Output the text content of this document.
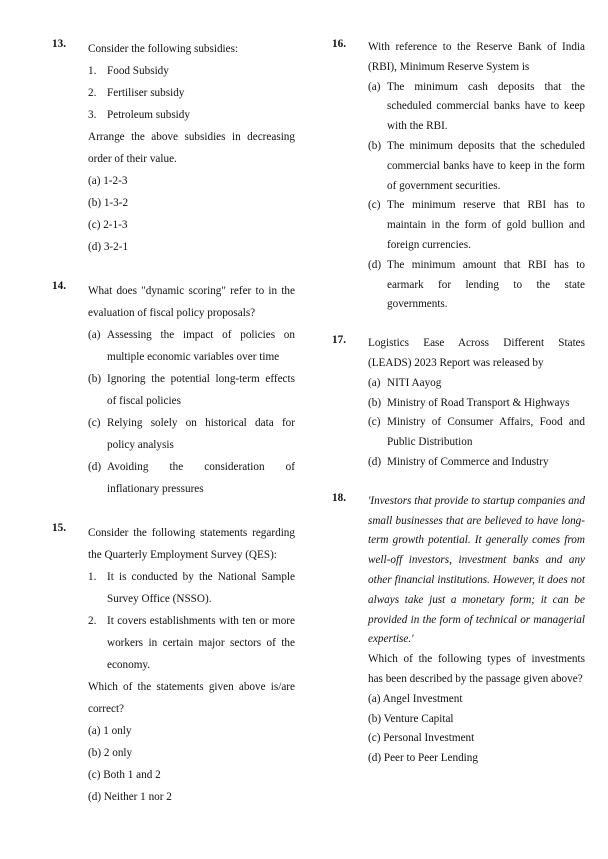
13. Consider the following subsidies:
1. Food Subsidy
2. Fertiliser subsidy
3. Petroleum subsidy
Arrange the above subsidies in decreasing order of their value.
(a) 1-2-3
(b) 1-3-2
(c) 2-1-3
(d) 3-2-1
14. What does "dynamic scoring" refer to in the evaluation of fiscal policy proposals?
(a) Assessing the impact of policies on multiple economic variables over time
(b) Ignoring the potential long-term effects of fiscal policies
(c) Relying solely on historical data for policy analysis
(d) Avoiding the consideration of inflationary pressures
15. Consider the following statements regarding the Quarterly Employment Survey (QES):
1. It is conducted by the National Sample Survey Office (NSSO).
2. It covers establishments with ten or more workers in certain major sectors of the economy.
Which of the statements given above is/are correct?
(a) 1 only
(b) 2 only
(c) Both 1 and 2
(d) Neither 1 nor 2
16. With reference to the Reserve Bank of India (RBI), Minimum Reserve System is
(a) The minimum cash deposits that the scheduled commercial banks have to keep with the RBI.
(b) The minimum deposits that the scheduled commercial banks have to keep in the form of government securities.
(c) The minimum reserve that RBI has to maintain in the form of gold bullion and foreign currencies.
(d) The minimum amount that RBI has to earmark for lending to the state governments.
17. Logistics Ease Across Different States (LEADS) 2023 Report was released by
(a) NITI Aayog
(b) Ministry of Road Transport & Highways
(c) Ministry of Consumer Affairs, Food and Public Distribution
(d) Ministry of Commerce and Industry
18. 'Investors that provide to startup companies and small businesses that are believed to have long-term growth potential. It generally comes from well-off investors, investment banks and any other financial institutions. However, it does not always take just a monetary form; it can be provided in the form of technical or managerial expertise.'
Which of the following types of investments has been described by the passage given above?
(a) Angel Investment
(b) Venture Capital
(c) Personal Investment
(d) Peer to Peer Lending
